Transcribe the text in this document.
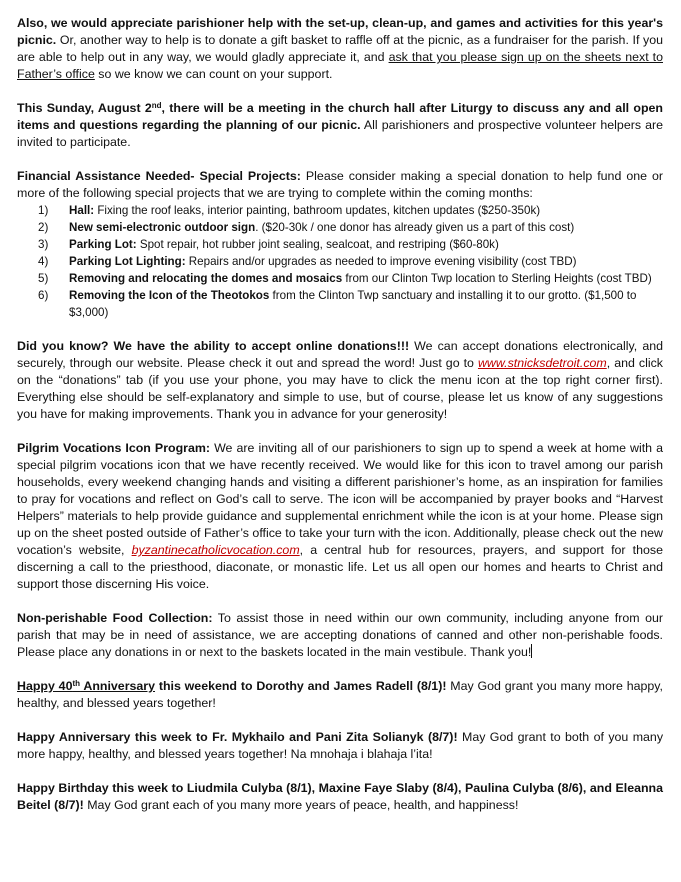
Also, we would appreciate parishioner help with the set-up, clean-up, and games and activities for this year's picnic. Or, another way to help is to donate a gift basket to raffle off at the picnic, as a fundraiser for the parish. If you are able to help out in any way, we would gladly appreciate it, and ask that you please sign up on the sheets next to Father’s office so we know we can count on your support.

This Sunday, August 2nd, there will be a meeting in the church hall after Liturgy to discuss any and all open items and questions regarding the planning of our picnic. All parishioners and prospective volunteer helpers are invited to participate.

Financial Assistance Needed- Special Projects: Please consider making a special donation to help fund one or more of the following special projects that we are trying to complete within the coming months:

1) Hall: Fixing the roof leaks, interior painting, bathroom updates, kitchen updates ($250-350k)
2) New semi-electronic outdoor sign. ($20-30k / one donor has already given us a part of this cost)
3) Parking Lot: Spot repair, hot rubber joint sealing, sealcoat, and restriping ($60-80k)
4) Parking Lot Lighting: Repairs and/or upgrades as needed to improve evening visibility (cost TBD)
5) Removing and relocating the domes and mosaics from our Clinton Twp location to Sterling Heights (cost TBD)
6)	Removing the Icon of the Theotokos from the Clinton Twp sanctuary and installing it to our grotto. ($1,500 to $3,000)

Did you know? We have the ability to accept online donations!!! We can accept donations electronically, and securely, through our website. Please check it out and spread the word! Just go to www.stnicksdetroit.com, and click on the “donations” tab (if you use your phone, you may have to click the menu icon at the top right corner first). Everything else should be self-explanatory and simple to use, but of course, please let us know of any suggestions you have for making improvements. Thank you in advance for your generosity!

Pilgrim Vocations Icon Program: We are inviting all of our parishioners to sign up to spend a week at home with a special pilgrim vocations icon that we have recently received. We would like for this icon to travel among our parish households, every weekend changing hands and visiting a different parishioner’s home, as an inspiration for families to pray for vocations and reflect on God’s call to serve. The icon will be accompanied by prayer books and “Harvest Helpers” materials to help provide guidance and supplemental enrichment while the icon is at your home. Please sign up on the sheet posted outside of Father’s office to take your turn with the icon. Additionally, please check out the new vocation’s website, byzantinecatholicvocation.com, a central hub for resources, prayers, and support for those discerning a call to the priesthood, diaconate, or monastic life. Let us all open our homes and hearts to Christ and support those discerning His voice.

Non-perishable Food Collection: To assist those in need within our own community, including anyone from our parish that may be in need of assistance, we are accepting donations of canned and other non-perishable foods. Please place any donations in or next to the baskets located in the main vestibule. Thank you!

Happy 40th Anniversary this weekend to Dorothy and James Radell (8/1)! May God grant you many more happy, healthy, and blessed years together!

Happy Anniversary this week to Fr. Mykhailo and Pani Zita Solianyk (8/7)! May God grant to both of you many more happy, healthy, and blessed years together! Na mnohaja i blahaja l’ita!

Happy Birthday this week to Liudmila Culyba (8/1), Maxine Faye Slaby (8/4), Paulina Culyba (8/6), and Eleanna Beitel (8/7)! May God grant each of you many more years of peace, health, and happiness!
